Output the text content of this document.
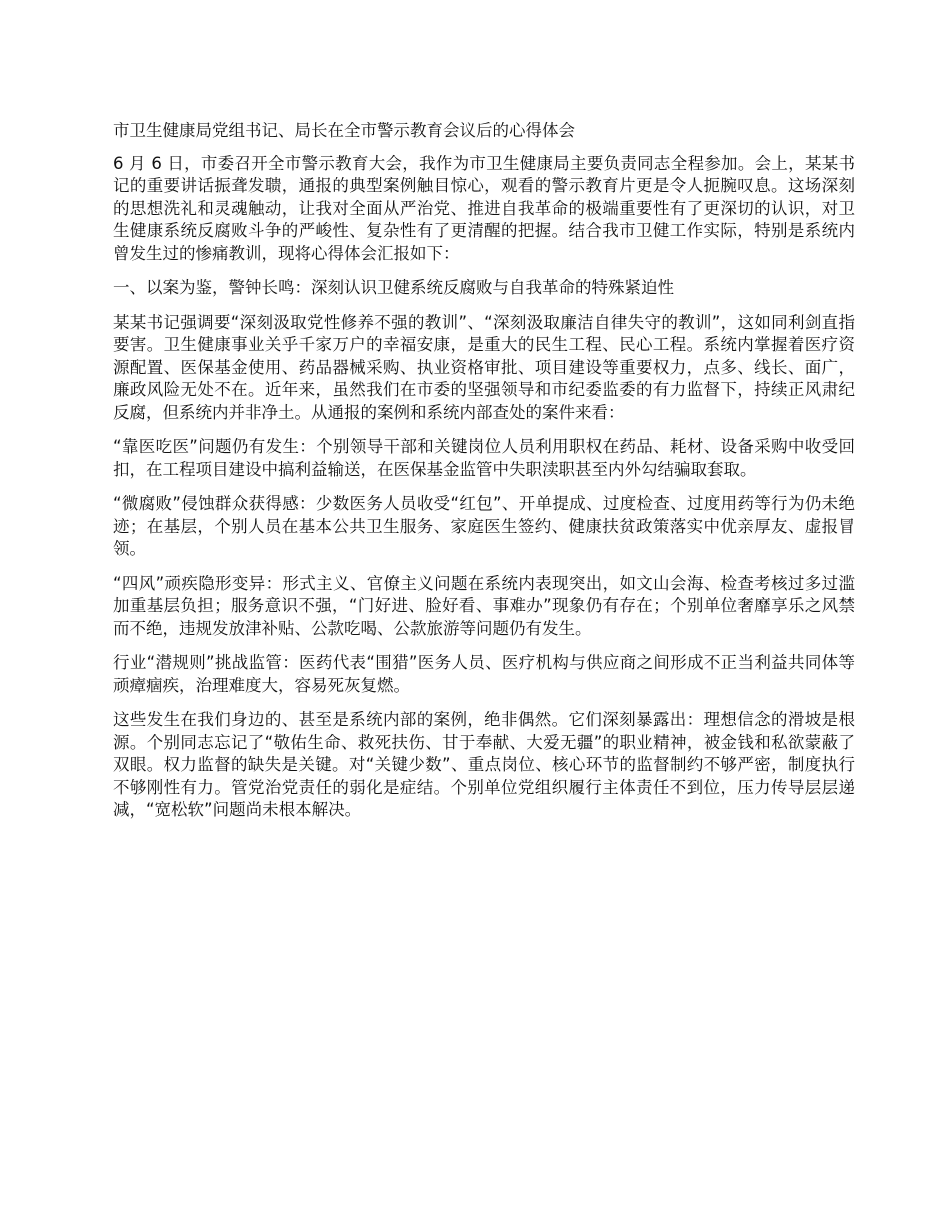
市卫生健康局党组书记、局长在全市警示教育会议后的心得体会

6 月 6 日，市委召开全市警示教育大会，我作为市卫生健康局主要负责同志全程参加。会上，某某书记的重要讲话振聋发聩，通报的典型案例触目惊心，观看的警示教育片更是令人扼腕叹息。这场深刻的思想洗礼和灵魂触动，让我对全面从严治党、推进自我革命的极端重要性有了更深切的认识，对卫生健康系统反腐败斗争的严峻性、复杂性有了更清醒的把握。结合我市卫健工作实际，特别是系统内曾发生过的惨痛教训，现将心得体会汇报如下：

一、以案为鉴，警钟长鸣：深刻认识卫健系统反腐败与自我革命的特殊紧迫性

某某书记强调要“深刻汲取党性修养不强的教训”、“深刻汲取廉洁自律失守的教训”，这如同利剑直指要害。卫生健康事业关乎千家万户的幸福安康，是重大的民生工程、民心工程。系统内掌握着医疗资源配置、医保基金使用、药品器械采购、执业资格审批、项目建设等重要权力，点多、线长、面广，廉政风险无处不在。近年来，虽然我们在市委的坚强领导和市纪委监委的有力监督下，持续正风肃纪反腐，但系统内并非净土。从通报的案例和系统内部查处的案件来看：

“靠医吃医”问题仍有发生：个别领导干部和关键岗位人员利用职权在药品、耗材、设备采购中收受回扣，在工程项目建设中搞利益输送，在医保基金监管中失职渎职甚至内外勾结骗取套取。

“微腐败”侵蚀群众获得感：少数医务人员收受“红包”、开单提成、过度检查、过度用药等行为仍未绝迹；在基层，个别人员在基本公共卫生服务、家庭医生签约、健康扶贫政策落实中优亲厚友、虚报冒领。

“四风”顽疾隐形变异：形式主义、官僚主义问题在系统内表现突出，如文山会海、检查考核过多过滥加重基层负担；服务意识不强，“门好进、脸好看、事难办”现象仍有存在；个别单位奢靡享乐之风禁而不绝，违规发放津补贴、公款吃喝、公款旅游等问题仍有发生。

行业“潜规则”挑战监管：医药代表“围猎”医务人员、医疗机构与供应商之间形成不正当利益共同体等顽瘴痼疾，治理难度大，容易死灰复燃。

这些发生在我们身边的、甚至是系统内部的案例，绝非偶然。它们深刻暴露出：理想信念的滑坡是根源。个别同志忘记了“敬佑生命、救死扶伤、甘于奉献、大爱无疆”的职业精神，被金钱和私欲蒙蔽了双眼。权力监督的缺失是关键。对“关键少数”、重点岗位、核心环节的监督制约不够严密，制度执行不够刚性有力。管党治党责任的弱化是症结。个别单位党组织履行主体责任不到位，压力传导层层递减，“宽松软”问题尚未根本解决。
